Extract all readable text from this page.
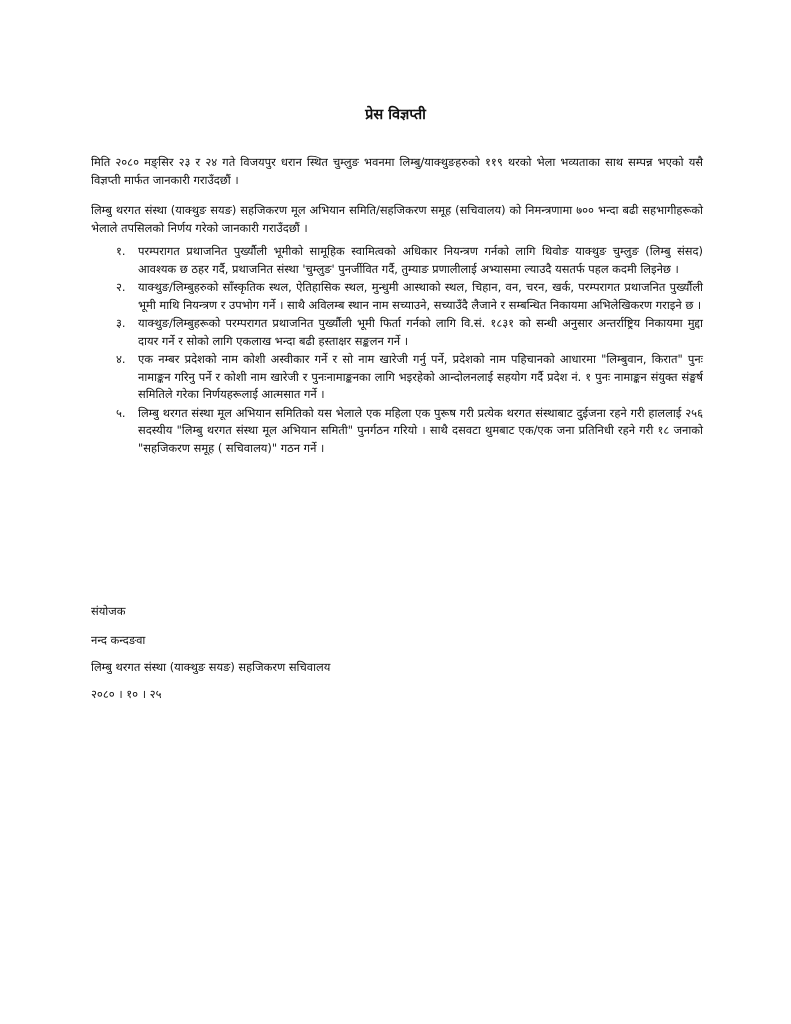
प्रेस विज्ञप्ती

मिति २०८० मङ्सिर २३ र २४ गते विजयपुर धरान स्थित चुम्लुङ भवनमा लिम्बु/याक्थुङहरुको ११९ थरको भेला भव्यताका साथ सम्पन्न भएको यसै विज्ञप्ती मार्फत जानकारी गराउँदछौं ।

लिम्बु थरगत संस्था (याक्थुङ सयङ) सहजिकरण मूल अभियान समिति/सहजिकरण समूह (सचिवालय) को निमन्त्रणामा ७०० भन्दा बढी सहभागीहरूको भेलाले तपसिलको निर्णय गरेको जानकारी गराउँदछौं ।

१. परम्परागत प्रथाजनित पुर्ख्यौली भूमीको सामूहिक स्वामित्वको अधिकार नियन्त्रण गर्नको लागि थिवोङ याक्थुङ चुम्लुङ (लिम्बु संसद) आवश्यक छ ठहर गर्दै, प्रथाजनित संस्था 'चुम्लुङ' पुनर्जीवित गर्दै, तुम्याङ प्रणालीलाई अभ्यासमा ल्याउदै यसतर्फ पहल कदमी लिइनेछ ।
२. याक्थुङ/लिम्बुहरुको साँस्कृतिक स्थल, ऐतिहासिक स्थल, मुन्धुमी आस्थाको स्थल, चिहान, वन, चरन, खर्क, परम्परागत प्रथाजनित पुर्ख्यौली भूमी माथि नियन्त्रण र उपभोग गर्ने । साथै अविलम्ब स्थान नाम सच्याउने, सच्याउँदै लैजाने र सम्बन्धित निकायमा अभिलेखिकरण गराइने छ ।
३. याक्थुङ/लिम्बुहरूको परम्परागत प्रथाजनित पुर्ख्यौली भूमी फिर्ता गर्नको लागि वि.सं. १८३१ को सन्धी अनुसार अन्तर्राष्ट्रिय निकायमा मुद्दा दायर गर्ने र सोको लागि एकलाख भन्दा बढी हस्ताक्षर सङ्कलन गर्ने ।
४. एक नम्बर प्रदेशको नाम कोशी अस्वीकार गर्ने र सो नाम खारेजी गर्नु पर्ने, प्रदेशको नाम पहिचानको आधारमा "लिम्बुवान, किरात" पुनः नामाङ्कन गरिनु पर्ने र कोशी नाम खारेजी र पुनःनामाङ्कनका लागि भइरहेको आन्दोलनलाई सहयोग गर्दै प्रदेश नं. १ पुनः नामाङ्कन संयुक्त संङ्घर्ष समितिले गरेका निर्णयहरूलाई आत्मसात गर्ने ।
५. लिम्बु थरगत संस्था मूल अभियान समितिको यस भेलाले एक महिला एक पुरूष गरी प्रत्येक थरगत संस्थाबाट दुईजना रहने गरी हाललाई २५६ सदस्यीय "लिम्बु थरगत संस्था मूल अभियान समिती" पुनर्गठन गरियो । साथै दसवटा थुमबाट एक/एक जना प्रतिनिधी रहने गरी १८ जनाको "सहजिकरण समूह ( सचिवालय)" गठन गर्ने ।

संयोजक

नन्द कन्दङवा

लिम्बु थरगत संस्था (याक्थुङ सयङ) सहजिकरण सचिवालय

२०८० । १० । २५
